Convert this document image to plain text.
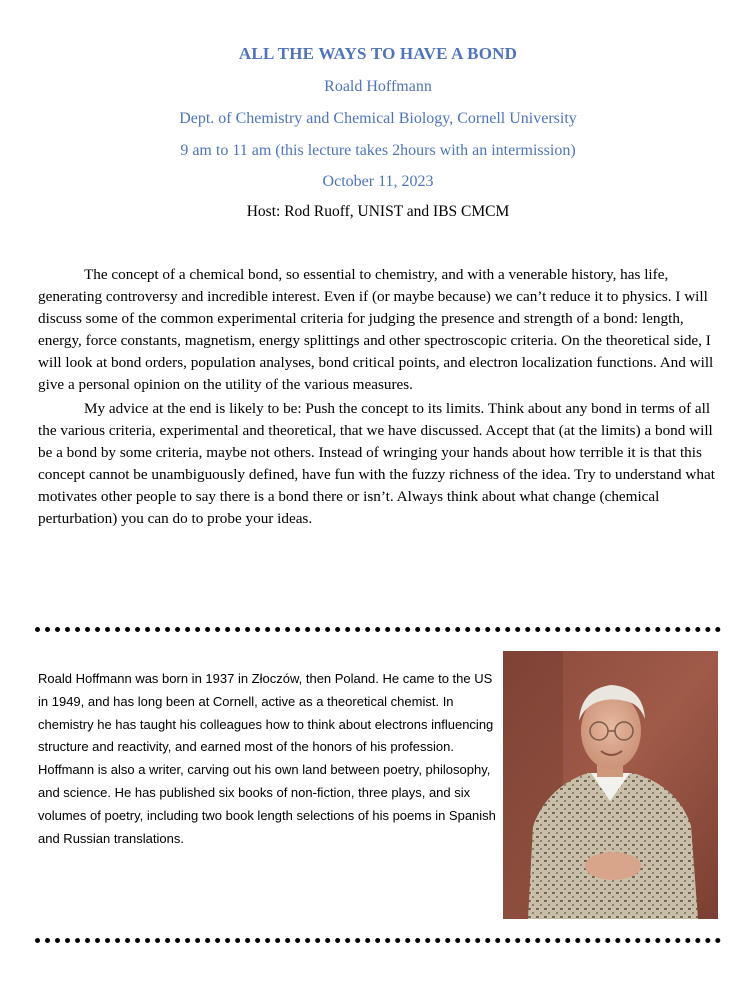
ALL THE WAYS TO HAVE A BOND
Roald Hoffmann
Dept. of Chemistry and Chemical Biology, Cornell University
9 am to 11 am (this lecture takes 2hours with an intermission)
October 11, 2023
Host: Rod Ruoff, UNIST and IBS CMCM

The concept of a chemical bond, so essential to chemistry, and with a venerable history, has life, generating controversy and incredible interest. Even if (or maybe because) we can’t reduce it to physics. I will discuss some of the common experimental criteria for judging the presence and strength of a bond: length, energy, force constants, magnetism, energy splittings and other spectroscopic criteria. On the theoretical side, I will look at bond orders, population analyses, bond critical points, and electron localization functions. And will give a personal opinion on the utility of the various measures.

My advice at the end is likely to be: Push the concept to its limits. Think about any bond in terms of all the various criteria, experimental and theoretical, that we have discussed. Accept that (at the limits) a bond will be a bond by some criteria, maybe not others. Instead of wringing your hands about how terrible it is that this concept cannot be unambiguously defined, have fun with the fuzzy richness of the idea. Try to understand what motivates other people to say there is a bond there or isn’t. Always think about what change (chemical perturbation) you can do to probe your ideas.

Roald Hoffmann was born in 1937 in Złoczów, then Poland. He came to the US in 1949, and has long been at Cornell, active as a theoretical chemist. In chemistry he has taught his colleagues how to think about electrons influencing structure and reactivity, and earned most of the honors of his profession.

Hoffmann is also a writer, carving out his own land between poetry, philosophy, and science. He has published six books of non-fiction, three plays, and six volumes of poetry, including two book length selections of his poems in Spanish and Russian translations.
